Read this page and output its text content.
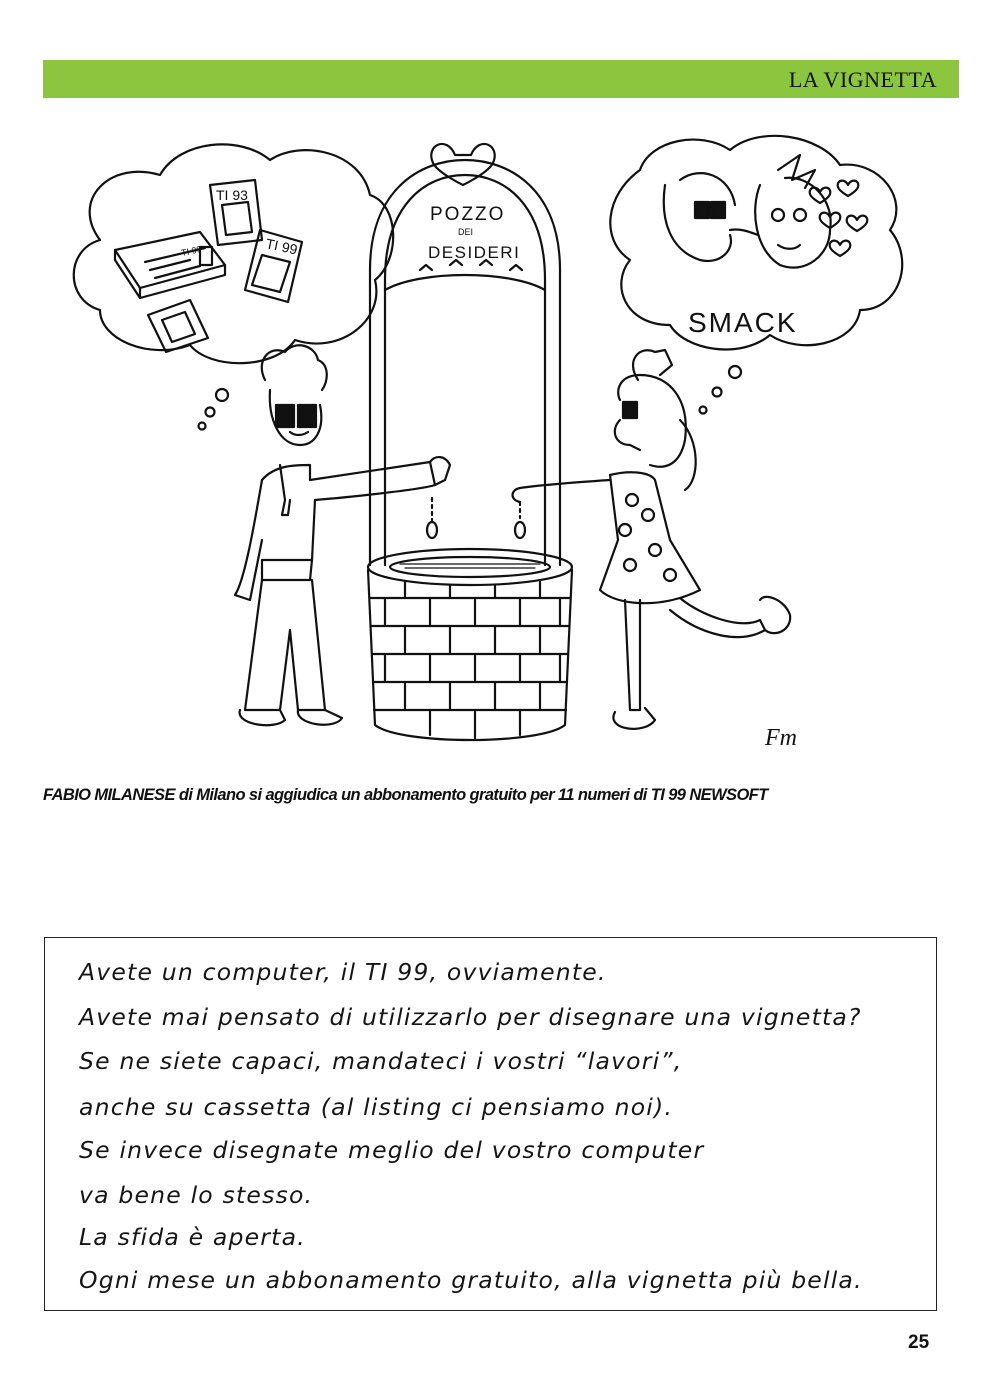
LA VIGNETTA
TI 93
TI 99
TI 99
SMACK
POZZO
DEI
DESIDERI
Fm
FABIO MILANESE di Milano si aggiudica un abbonamento gratuito per 11 numeri di TI 99 NEWSOFT
Avete un computer, il TI 99, ovviamente.
Avete mai pensato di utilizzarlo per disegnare una vignetta?
Se ne siete capaci, mandateci i vostri “lavori”,
anche su cassetta (al listing ci pensiamo noi).
Se invece disegnate meglio del vostro computer
va bene lo stesso.
La sfida è aperta.
Ogni mese un abbonamento gratuito, alla vignetta più bella.
25
